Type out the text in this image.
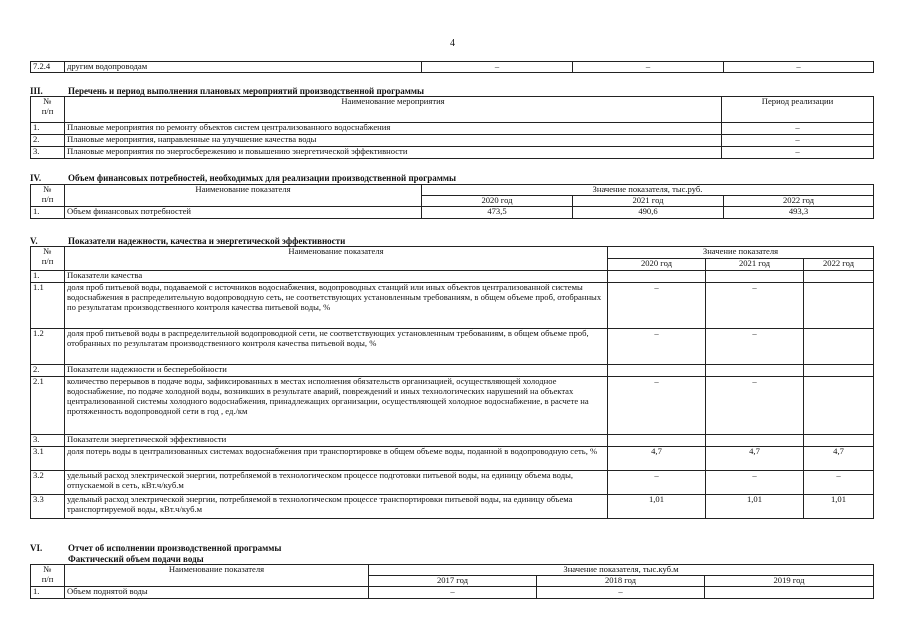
4
7.2.4	другим водопроводам	–	–	–
III.	Перечень и период выполнения плановых мероприятий производственной программы
№
п/п	Наименование мероприятия	Период реализации
1.	Плановые мероприятия по ремонту объектов систем централизованного водоснабжения	–
2.	Плановые мероприятия, направленные на улучшение качества воды	–
3.	Плановые мероприятия по энергосбережению и повышению энергетической эффективности	–
IV.	Объем финансовых потребностей, необходимых для реализации производственной программы
№
п/п	Наименование показателя	Значение показателя, тыс.руб.		
		2020 год	2021 год	2022 год
1.	Объем финансовых потребностей	473,5	490,6	493,3
V.	Показатели надежности, качества и энергетической эффективности
№
п/п	Наименование показателя	Значение показателя		
		2020 год	2021 год	2022 год
1.	Показатели качества			
1.1	доля проб питьевой воды, подаваемой с источников водоснабжения, водопроводных станций или иных объектов централизованной системы водоснабжения в распределительную водопроводную сеть, не соответствующих установленным требованиям, в общем объеме проб, отобранных по результатам производственного контроля качества питьевой воды, %	–	–	
1.2	доля проб питьевой воды в распределительной водопроводной сети, не соответствующих установленным требованиям, в общем объеме проб, отобранных по результатам производственного контроля качества питьевой воды, %	–	–	
2.	Показатели надежности и бесперебойности			
2.1	количество перерывов в подаче воды, зафиксированных в местах исполнения обязательств организацией, осуществляющей холодное водоснабжение, по подаче холодной воды, возникших в результате аварий, повреждений и иных технологических нарушений на объектах централизованной системы холодного водоснабжения, принадлежащих организации, осуществляющей холодное водоснабжение, в расчете на протяженность водопроводной сети в год , ед./км	–	–	
3.	Показатели энергетической эффективности			
3.1	доля потерь воды в централизованных системах водоснабжения при транспортировке в общем объеме воды, поданной в водопроводную сеть, %	4,7	4,7	4,7
3.2	удельный расход электрической энергии, потребляемой в технологическом процессе подготовки питьевой воды, на единицу объема воды, отпускаемой в сеть, кВт.ч/куб.м	–	–	–
3.3	удельный расход электрической энергии, потребляемой в технологическом процессе транспортировки питьевой воды, на единицу объема транспортируемой воды, кВт.ч/куб.м	1,01	1,01	1,01
VI.	Отчет об исполнении производственной программы
Фактический объем подачи воды
№
п/п	Наименование показателя	Значение показателя, тыс.куб.м		
		2017 год	2018 год	2019 год
1.	Объем поднятой воды	–	–	
